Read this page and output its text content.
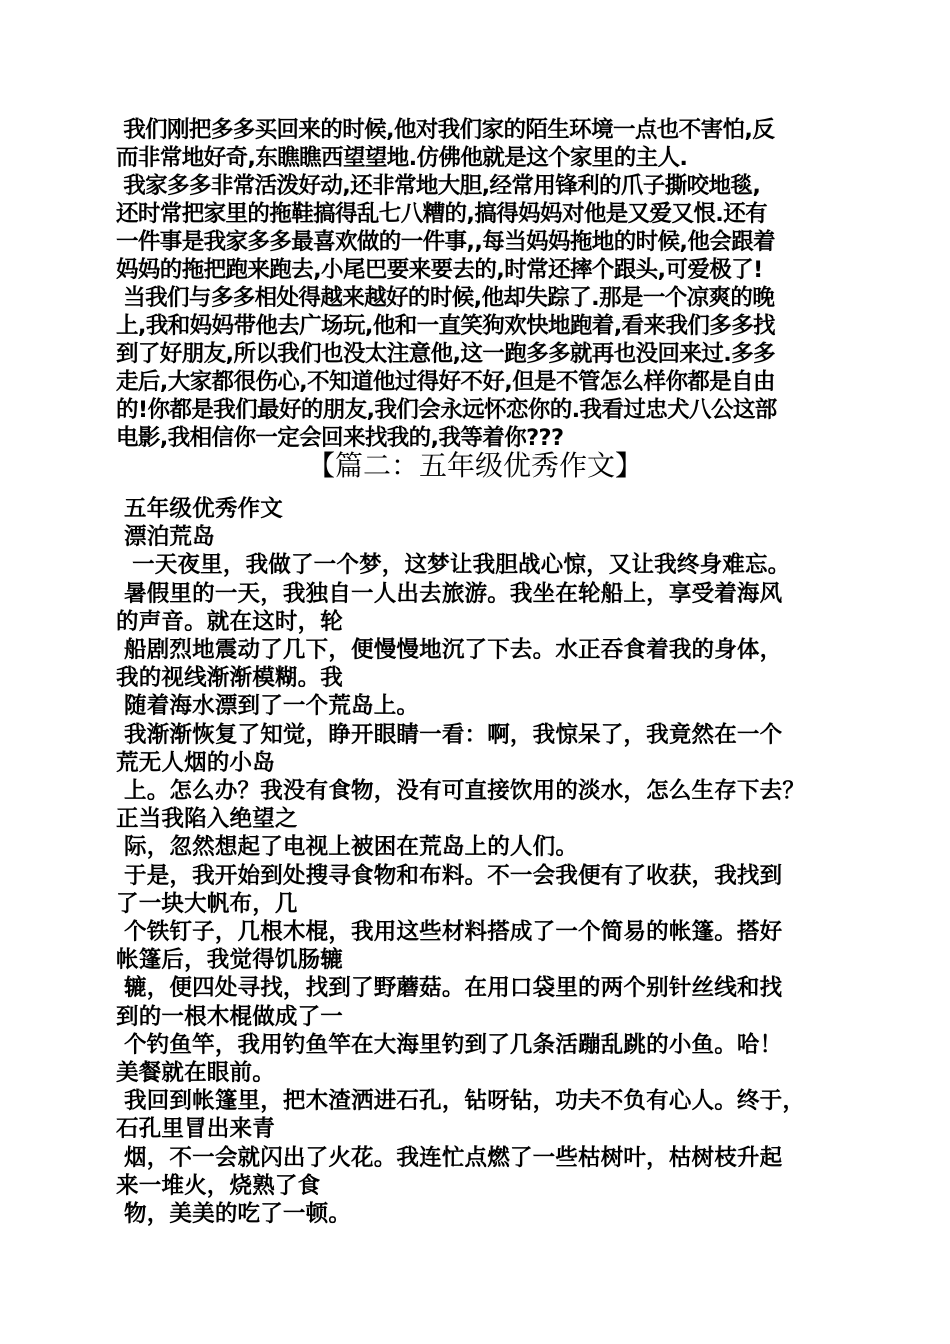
我们刚把多多买回来的时候,他对我们家的陌生环境一点也不害怕,反
而非常地好奇,东瞧瞧西望望地.仿佛他就是这个家里的主人.
我家多多非常活泼好动,还非常地大胆,经常用锋利的爪子撕咬地毯,
还时常把家里的拖鞋搞得乱七八糟的,搞得妈妈对他是又爱又恨.还有
一件事是我家多多最喜欢做的一件事,,每当妈妈拖地的时候,他会跟着
妈妈的拖把跑来跑去,小尾巴要来要去的,时常还摔个跟头,可爱极了!
当我们与多多相处得越来越好的时候,他却失踪了.那是一个凉爽的晚
上,我和妈妈带他去广场玩,他和一直笑狗欢快地跑着,看来我们多多找
到了好朋友,所以我们也没太注意他,这一跑多多就再也没回来过.多多
走后,大家都很伤心,不知道他过得好不好,但是不管怎么样你都是自由
的!你都是我们最好的朋友,我们会永远怀恋你的.我看过忠犬八公这部
电影,我相信你一定会回来找我的,我等着你???
【篇二：五年级优秀作文】
五年级优秀作文
漂泊荒岛
一天夜里，我做了一个梦，这梦让我胆战心惊，又让我终身难忘。
暑假里的一天，我独自一人出去旅游。我坐在轮船上，享受着海风
的声音。就在这时，轮
船剧烈地震动了几下，便慢慢地沉了下去。水正吞食着我的身体，
我的视线渐渐模糊。我
随着海水漂到了一个荒岛上。
我渐渐恢复了知觉，睁开眼睛一看：啊，我惊呆了，我竟然在一个
荒无人烟的小岛
上。怎么办？我没有食物，没有可直接饮用的淡水，怎么生存下去？
正当我陷入绝望之
际，忽然想起了电视上被困在荒岛上的人们。
于是，我开始到处搜寻食物和布料。不一会我便有了收获，我找到
了一块大帆布，几
个铁钉子，几根木棍，我用这些材料搭成了一个简易的帐篷。搭好
帐篷后，我觉得饥肠辘
辘，便四处寻找，找到了野蘑菇。在用口袋里的两个别针丝线和找
到的一根木棍做成了一
个钓鱼竿，我用钓鱼竿在大海里钓到了几条活蹦乱跳的小鱼。哈！
美餐就在眼前。
我回到帐篷里，把木渣洒进石孔，钻呀钻，功夫不负有心人。终于，
石孔里冒出来青
烟，不一会就闪出了火花。我连忙点燃了一些枯树叶，枯树枝升起
来一堆火，烧熟了食
物，美美的吃了一顿。
